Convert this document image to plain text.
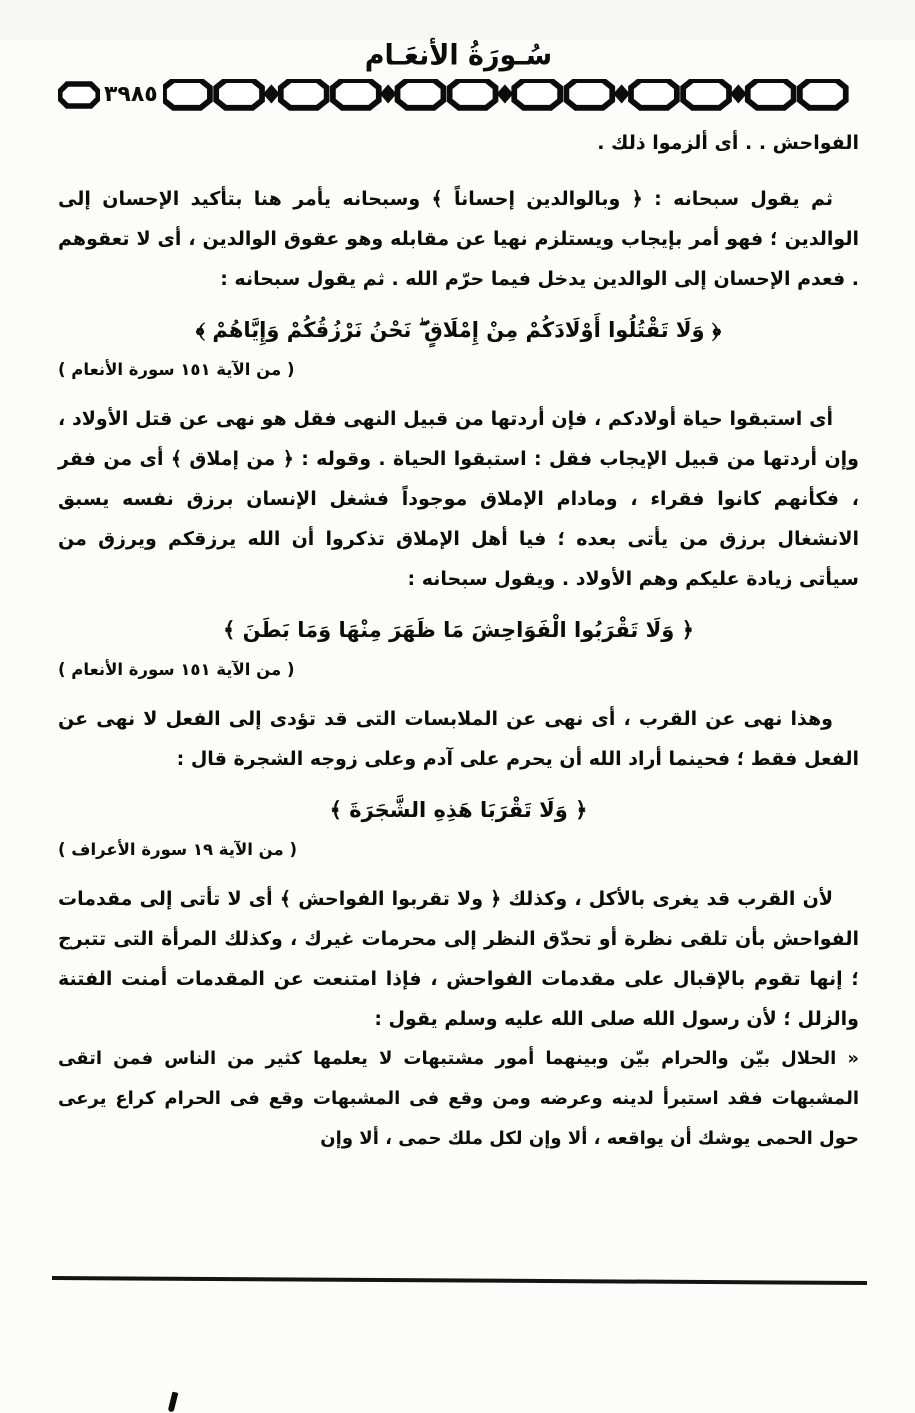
سُـورَةُ الأنعَـام
٣٩٨٥

الفواحش . . أى ألزموا ذلك .

ثم يقول سبحانه : ﴿ وبالوالدين إحساناً ﴾ وسبحانه يأمر هنا بتأكيد الإحسان إلى الوالدين ؛ فهو أمر بإيجاب ويستلزم نهيا عن مقابله وهو عقوق الوالدين ، أى لا تعقوهم . فعدم الإحسان إلى الوالدين يدخل فيما حرّم الله . ثم يقول سبحانه :

﴿ وَلَا تَقْتُلُوا أَوْلَادَكُمْ مِنْ إِمْلَاقٍ ۖ نَحْنُ نَرْزُقُكُمْ وَإِيَّاهُمْ ﴾
( من الآية ١٥١ سورة الأنعام )

أى استبقوا حياة أولادكم ، فإن أردتها من قبيل النهى فقل هو نهى عن قتل الأولاد ، وإن أردتها من قبيل الإيجاب فقل : استبقوا الحياة . وقوله : ﴿ من إملاق ﴾ أى من فقر ، فكأنهم كانوا فقراء ، ومادام الإملاق موجوداً فشغل الإنسان برزق نفسه يسبق الانشغال برزق من يأتى بعده ؛ فيا أهل الإملاق تذكروا أن الله يرزقكم ويرزق من سيأتى زيادة عليكم وهم الأولاد . ويقول سبحانه :

﴿ وَلَا تَقْرَبُوا الْفَوَاحِشَ مَا ظَهَرَ مِنْهَا وَمَا بَطَنَ ﴾
( من الآية ١٥١ سورة الأنعام )

وهذا نهى عن القرب ، أى نهى عن الملابسات التى قد تؤدى إلى الفعل لا نهى عن الفعل فقط ؛ فحينما أراد الله أن يحرم على آدم وعلى زوجه الشجرة قال :

﴿ وَلَا تَقْرَبَا هَذِهِ الشَّجَرَةَ ﴾
( من الآية ١٩ سورة الأعراف )

لأن القرب قد يغرى بالأكل ، وكذلك ﴿ ولا تقربوا الفواحش ﴾ أى لا تأتى إلى مقدمات الفواحش بأن تلقى نظرة أو تحدّق النظر إلى محرمات غيرك ، وكذلك المرأة التى تتبرج ؛ إنها تقوم بالإقبال على مقدمات الفواحش ، فإذا امتنعت عن المقدمات أمنت الفتنة والزلل ؛ لأن رسول الله صلى الله عليه وسلم يقول :

« الحلال بيّن والحرام بيّن وبينهما أمور مشتبهات لا يعلمها كثير من الناس فمن اتقى المشبهات فقد استبرأ لدينه وعرضه ومن وقع فى المشبهات وقع فى الحرام كراع يرعى حول الحمى يوشك أن يواقعه ، ألا وإن لكل ملك حمى ، ألا وإن
